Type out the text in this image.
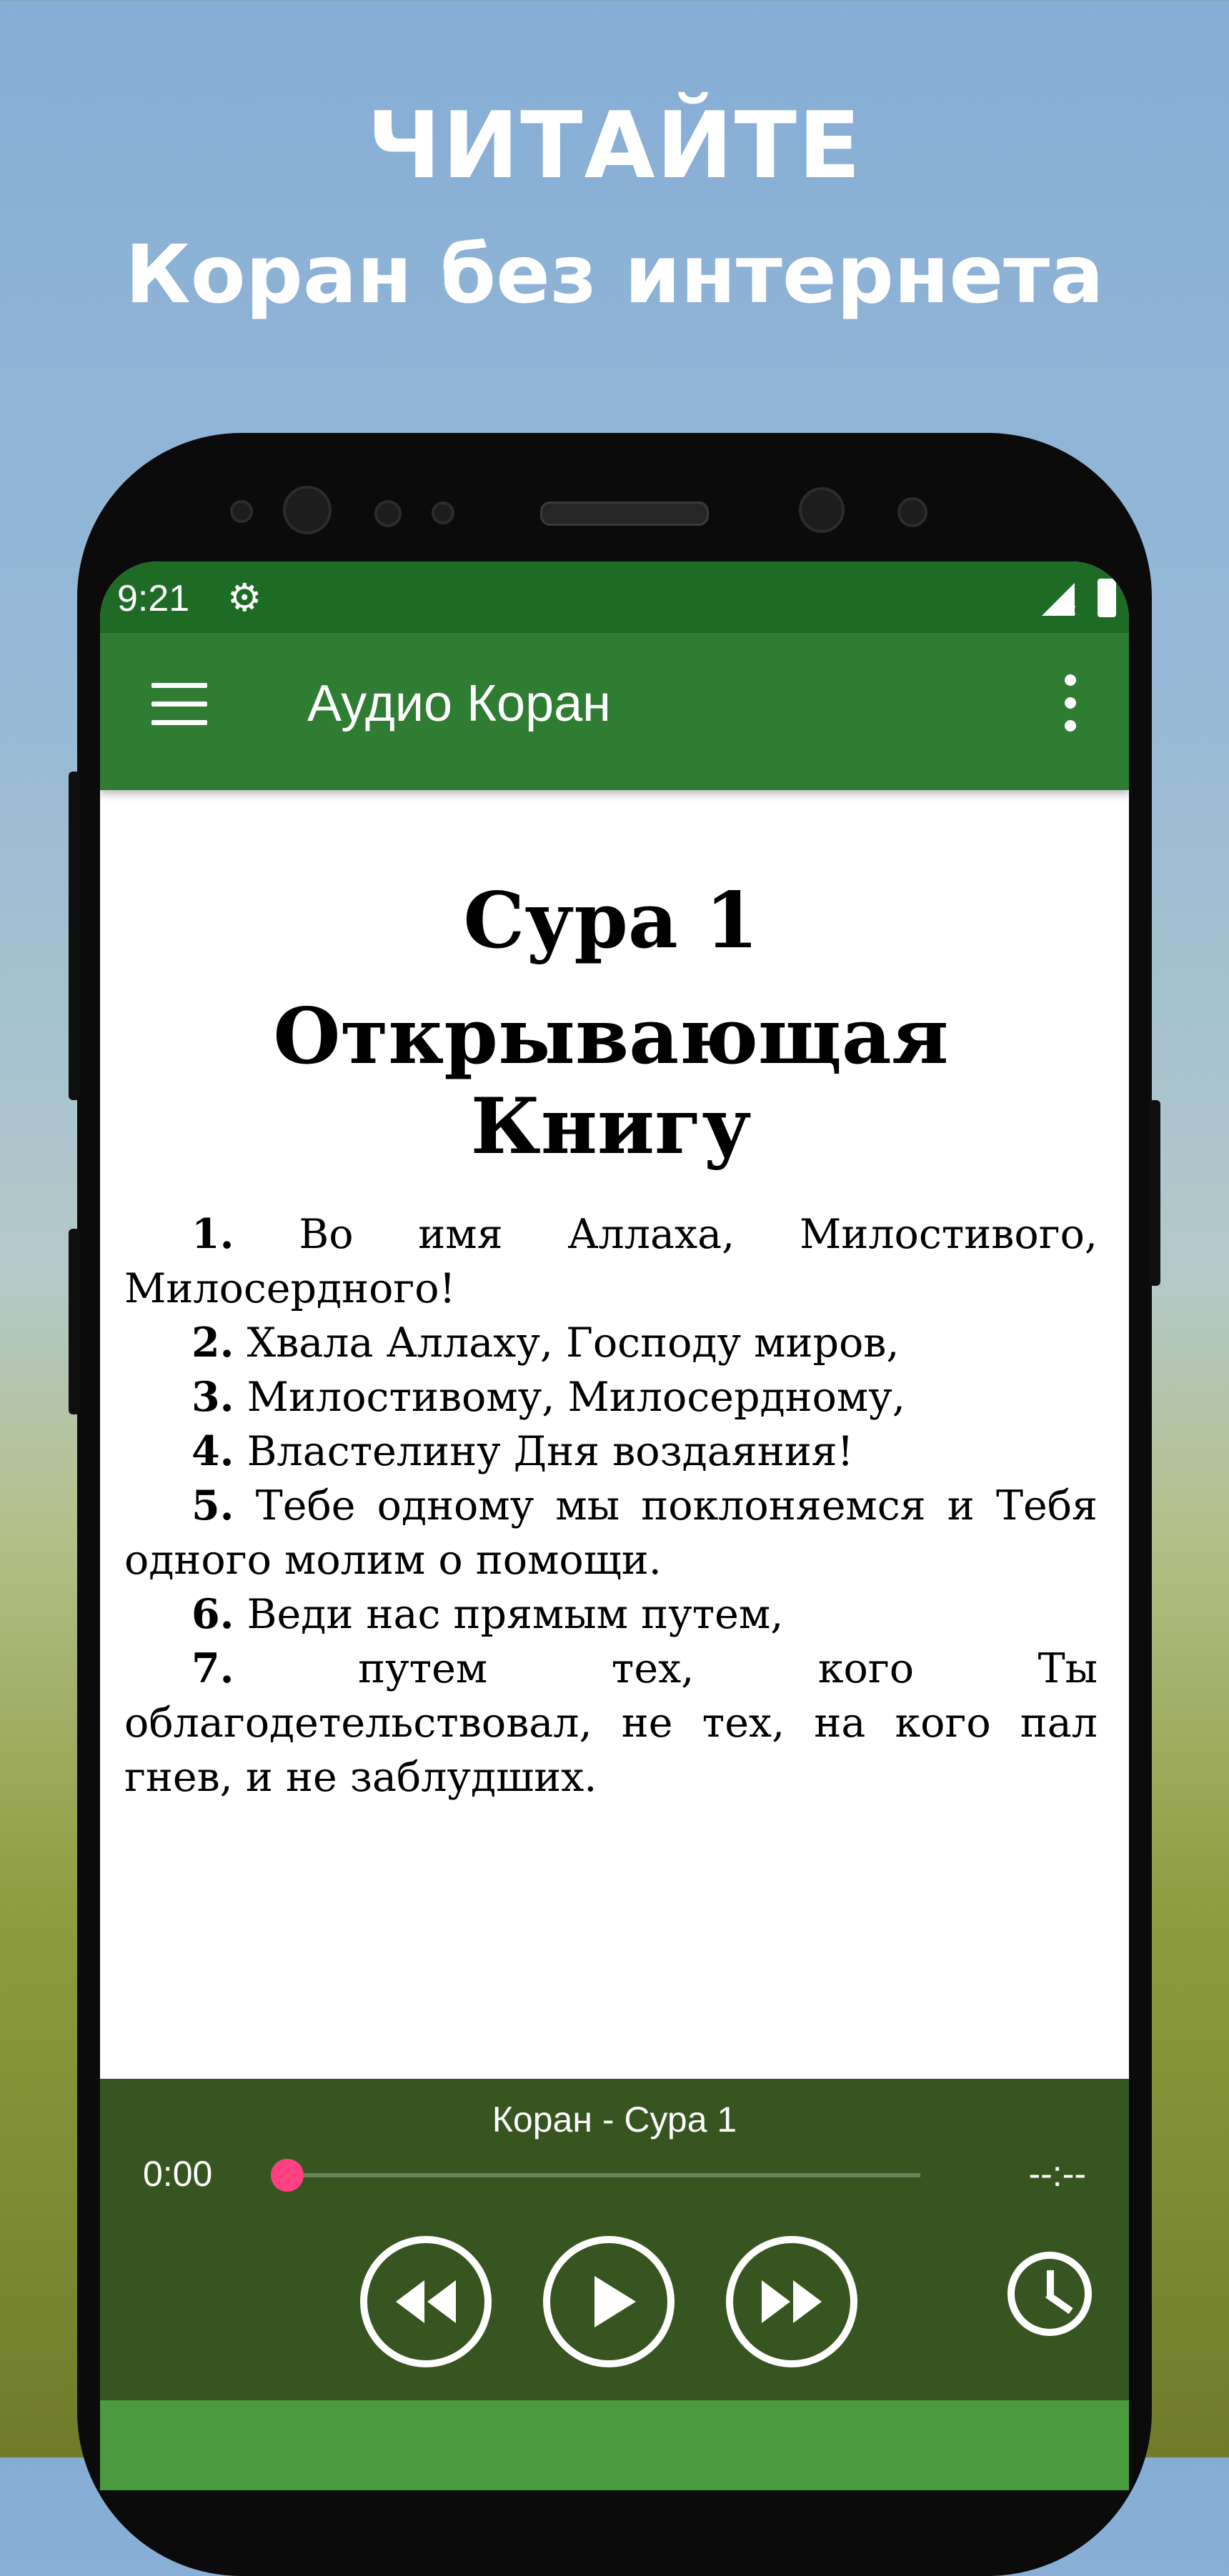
ЧИТАЙТЕ
Коран без интернета
9:21 ⚙	✕
Аудио Коран
Сура 1
Открывающая Книгу

1. Во имя Аллаха, Милостивого, Милосердного!

2. Хвала Аллаху, Господу миров,

3. Милостивому, Милосердному,

4. Властелину Дня воздаяния!

5. Тебе одному мы поклоняемся и Тебя одного молим о помощи.

6. Веди нас прямым путем,

7.	путем тех, кого Ты облагодетельствовал, не тех, на кого пал гнев, и не заблудших.

Коран - Сура 1
0:00	--:--
